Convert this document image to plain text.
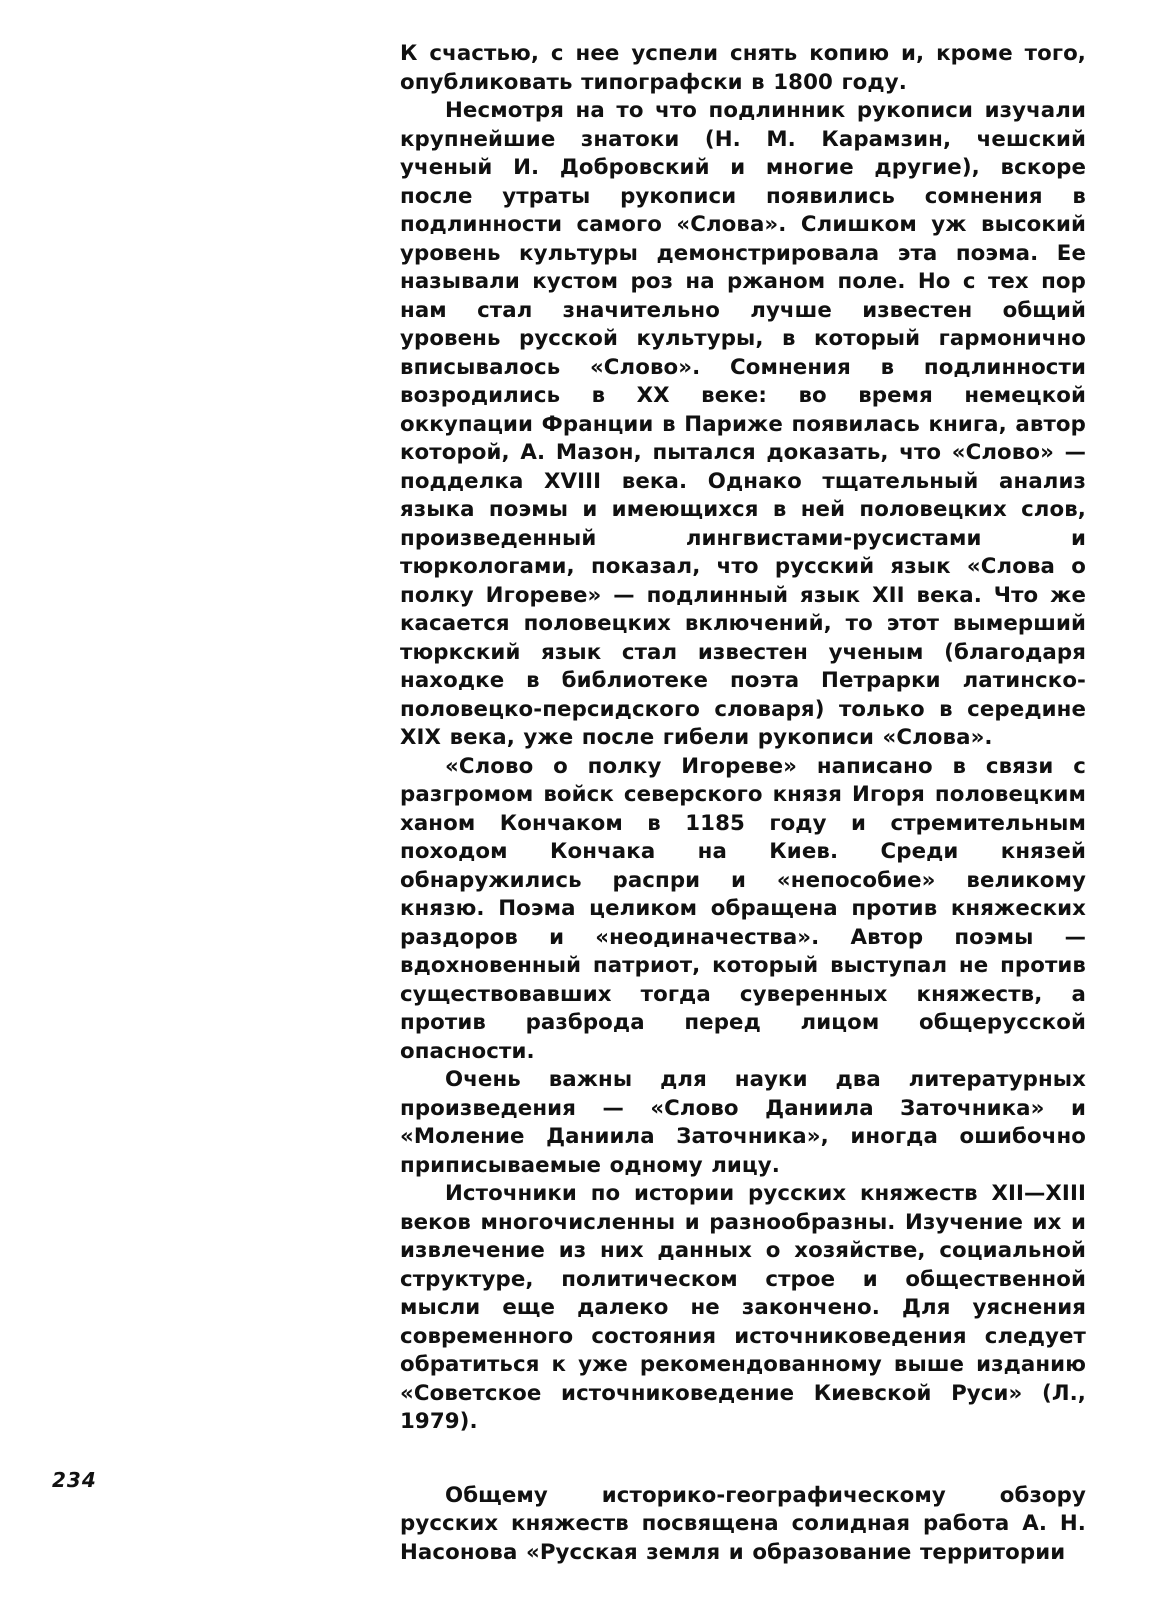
К счастью, с нее успели снять копию и, кроме того, опубликовать типографски в 1800 году.

Несмотря на то что подлинник рукописи изучали крупнейшие знатоки (Н. М. Карамзин, чешский ученый И. Добровский и многие другие), вскоре после утраты рукописи появились сомнения в подлинности самого «Слова». Слишком уж высокий уровень культуры демонстрировала эта поэма. Ее называли кустом роз на ржаном поле. Но с тех пор нам стал значительно лучше известен общий уровень русской культуры, в который гармонично вписывалось «Слово». Сомнения в подлинности возродились в XX веке: во время немецкой оккупации Франции в Париже появилась книга, автор которой, А. Мазон, пытался доказать, что «Слово» — подделка XVIII века. Однако тщательный анализ языка поэмы и имеющихся в ней половецких слов, произведенный лингвистами-русистами и тюркологами, показал, что русский язык «Слова о полку Игореве» — подлинный язык XII века. Что же касается половецких включений, то этот вымерший тюркский язык стал известен ученым (благодаря находке в библиотеке поэта Петрарки латинско-половецко-персидского словаря) только в середине XIX века, уже после гибели рукописи «Слова».

«Слово о полку Игореве» написано в связи с разгромом войск северского князя Игоря половецким ханом Кончаком в 1185 году и стремительным походом Кончака на Киев. Среди князей обнаружились распри и «непособие» великому князю. Поэма целиком обращена против княжеских раздоров и «неодиначества». Автор поэмы — вдохновенный патриот, который выступал не против существовавших тогда суверенных княжеств, а против разброда перед лицом общерусской опасности.

Очень важны для науки два литературных произведения — «Слово Даниила Заточника» и «Моление Даниила Заточника», иногда ошибочно приписываемые одному лицу.

Источники по истории русских княжеств XII—XIII веков многочисленны и разнообразны. Изучение их и извлечение из них данных о хозяйстве, социальной структуре, политическом строе и общественной мысли еще далеко не закончено. Для уяснения современного состояния источниковедения следует обратиться к уже рекомендованному выше изданию «Советское источниковедение Киевской Руси» (Л., 1979).

Общему историко-географическому обзору русских княжеств посвящена солидная работа А. Н. Насонова «Русская земля и образование территории

234
